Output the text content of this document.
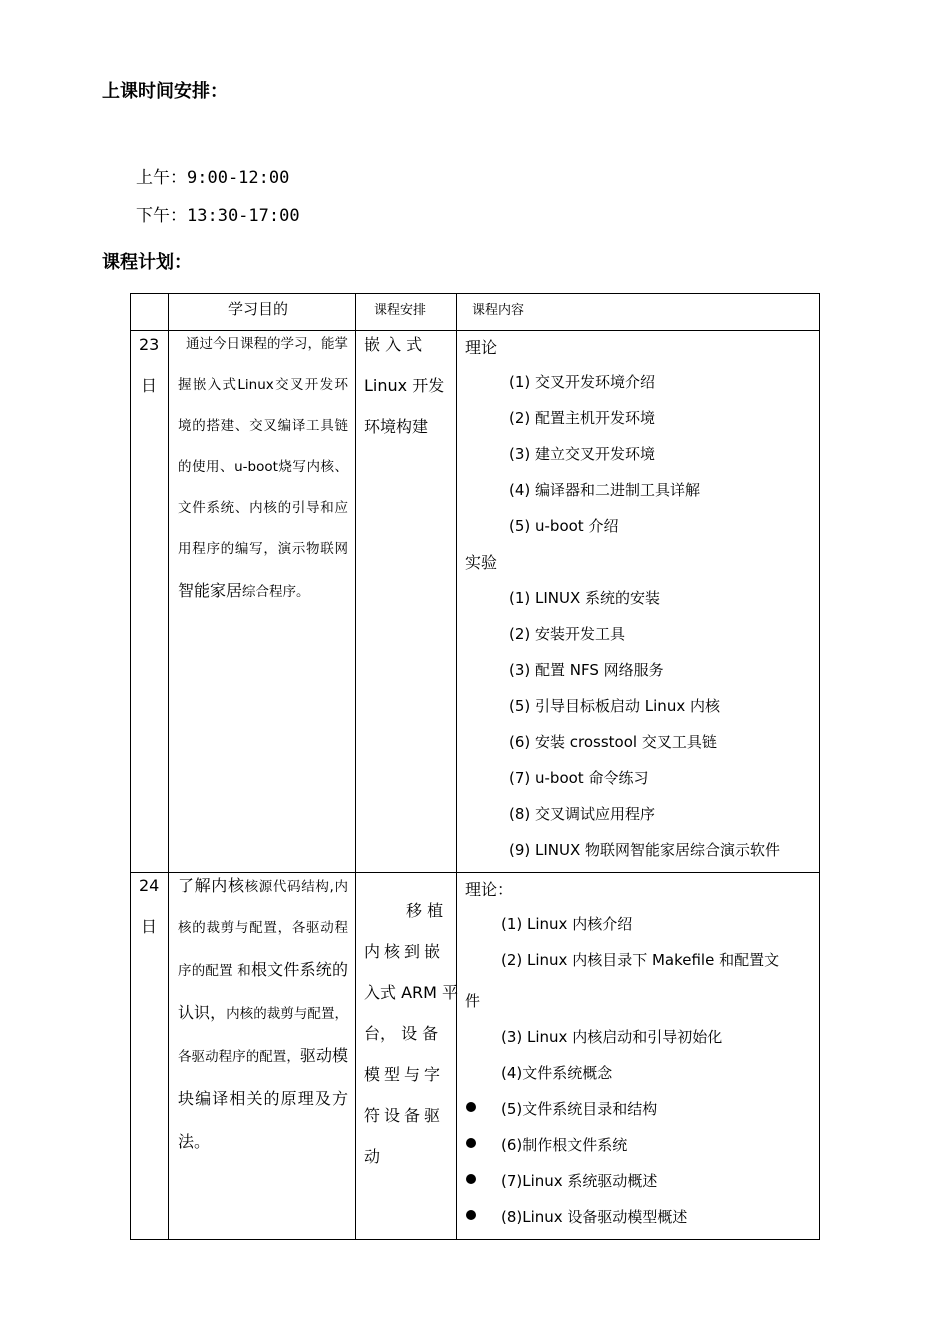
上课时间安排：
上午：9:00-12:00
下午：13:30-17:00
课程计划：
学习目的	课程安排	课程内容
23
日
通过今日课程的学习，能掌握嵌入式Linux交叉开发环境的搭建、交叉编译工具链的使用、u-boot烧写内核、文件系统、内核的引导和应用程序的编写，演示物联网智能家居综合程序。
嵌 入 式
Linux 开发
环境构建
理论
(1) 交叉开发环境介绍
(2) 配置主机开发环境
(3) 建立交叉开发环境
(4) 编译器和二进制工具详解
(5) u-boot 介绍
实验
(1) LINUX 系统的安装
(2) 安装开发工具
(3) 配置 NFS 网络服务
(5) 引导目标板启动 Linux 内核
(6) 安装 crosstool 交叉工具链
(7) u-boot 命令练习
(8) 交叉调试应用程序
(9) LINUX 物联网智能家居综合演示软件
24
日
了解内核核源代码结构,内核的裁剪与配置，各驱动程序的配置 和根文件系统的认识，内核的裁剪与配置，各驱动程序的配置，驱动模块编译相关的原理及方法。
移 植
内核到嵌
入式 ARM 平
台， 设 备
模型与字
符设备驱
动
理论：
(1) Linux 内核介绍
(2) Linux 内核目录下 Makefile 和配置文
件
(3) Linux 内核启动和引导初始化
(4)文件系统概念
(5)文件系统目录和结构
(6)制作根文件系统
(7)Linux 系统驱动概述
(8)Linux 设备驱动模型概述
